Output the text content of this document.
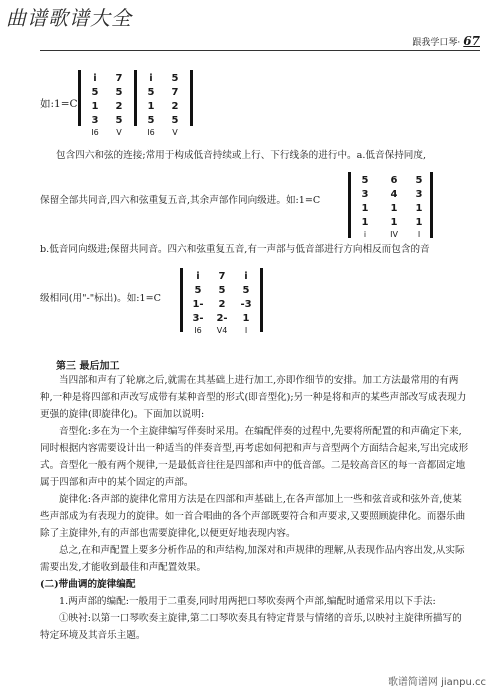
曲谱歌谱大全
跟我学口琴· 67
如:1=C
i
5
1
3
I6
7
5
2
5
V
i
5
1
5
I6
5
7
2
5
V
包含四六和弦的连接;常用于构成低音持续或上行、下行线条的进行中。a.低音保持同度,
保留全部共同音,四六和弦重复五音,其余声部作同向级进。如:1=C
5
3
1
1
i
6
4
1
1
IV
5
3
1
1
I
b.低音同向级进;保留共同音。四六和弦重复五音,有一声部与低音部进行方向相反而包含的音
级相同(用"-"标出)。如:1=C
i
5
1-
3-
I6
7
5
2
2-
V4
i
5
-3
1
I
第三 最后加工

当四部和声有了轮廓之后,就需在其基础上进行加工,亦即作细节的安排。加工方法最常用的有两种,一种是将四部和声改写成带有某种音型的形式(即音型化);另一种是将和声的某些声部改写成表现力更强的旋律(即旋律化)。下面加以说明:

音型化:多在为一个主旋律编写伴奏时采用。在编配伴奏的过程中,先要将所配置的和声确定下来,同时根据内容需要设计出一种适当的伴奏音型,再考虑如何把和声与音型两个方面结合起来,写出完成形式。音型化一般有两个规律,一是最低音往往是四部和声中的低音部。二是较高音区的每一音都固定地属于四部和声中的某个固定的声部。

旋律化:各声部的旋律化常用方法是在四部和声基础上,在各声部加上一些和弦音或和弦外音,使某些声部成为有表现力的旋律。如一首合唱曲的各个声部既要符合和声要求,又要照顾旋律化。而器乐曲除了主旋律外,有的声部也需要旋律化,以便更好地表现内容。

总之,在和声配置上要多分析作品的和声结构,加深对和声规律的理解,从表现作品内容出发,从实际需要出发,才能收到最佳和声配置效果。

(二)带曲调的旋律编配

1.两声部的编配:一般用于二重奏,同时用两把口琴吹奏两个声部,编配时通常采用以下手法:

①映衬:以第一口琴吹奏主旋律,第二口琴吹奏具有特定背景与情绪的音乐,以映衬主旋律所描写的特定环境及其音乐主题。

歌谱简谱网 jianpu.cc
